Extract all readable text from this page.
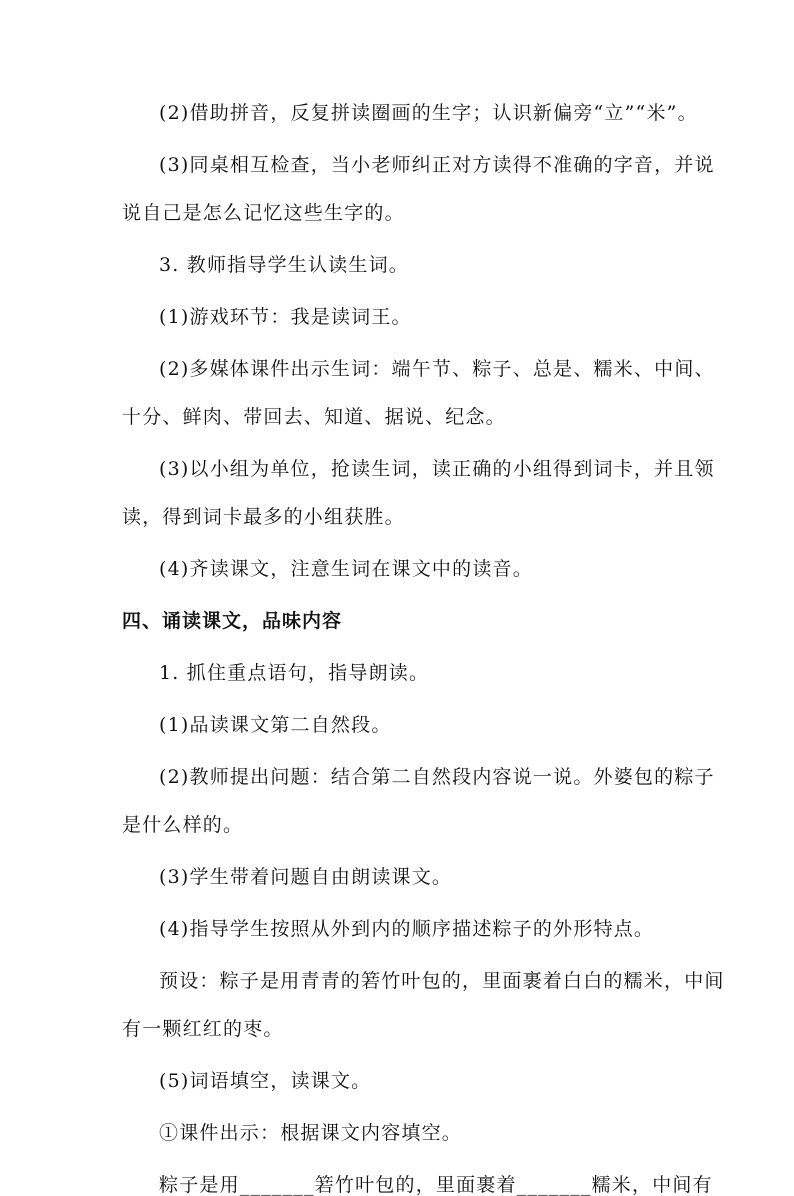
(2)借助拼音，反复拼读圈画的生字；认识新偏旁“立”“米”。

(3)同桌相互检查，当小老师纠正对方读得不准确的字音，并说

说自己是怎么记忆这些生字的。

3. 教师指导学生认读生词。

(1)游戏环节：我是读词王。

(2)多媒体课件出示生词：端午节、粽子、总是、糯米、中间、

十分、鲜肉、带回去、知道、据说、纪念。

(3)以小组为单位，抢读生词，读正确的小组得到词卡，并且领

读，得到词卡最多的小组获胜。

(4)齐读课文，注意生词在课文中的读音。

四、诵读课文，品味内容

1. 抓住重点语句，指导朗读。

(1)品读课文第二自然段。

(2)教师提出问题：结合第二自然段内容说一说。外婆包的粽子

是什么样的。

(3)学生带着问题自由朗读课文。

(4)指导学生按照从外到内的顺序描述粽子的外形特点。

预设：粽子是用青青的箬竹叶包的，里面裹着白白的糯米，中间

有一颗红红的枣。

(5)词语填空，读课文。

①课件出示：根据课文内容填空。

粽子是用_______箬竹叶包的，里面裹着_______糯米，中间有
